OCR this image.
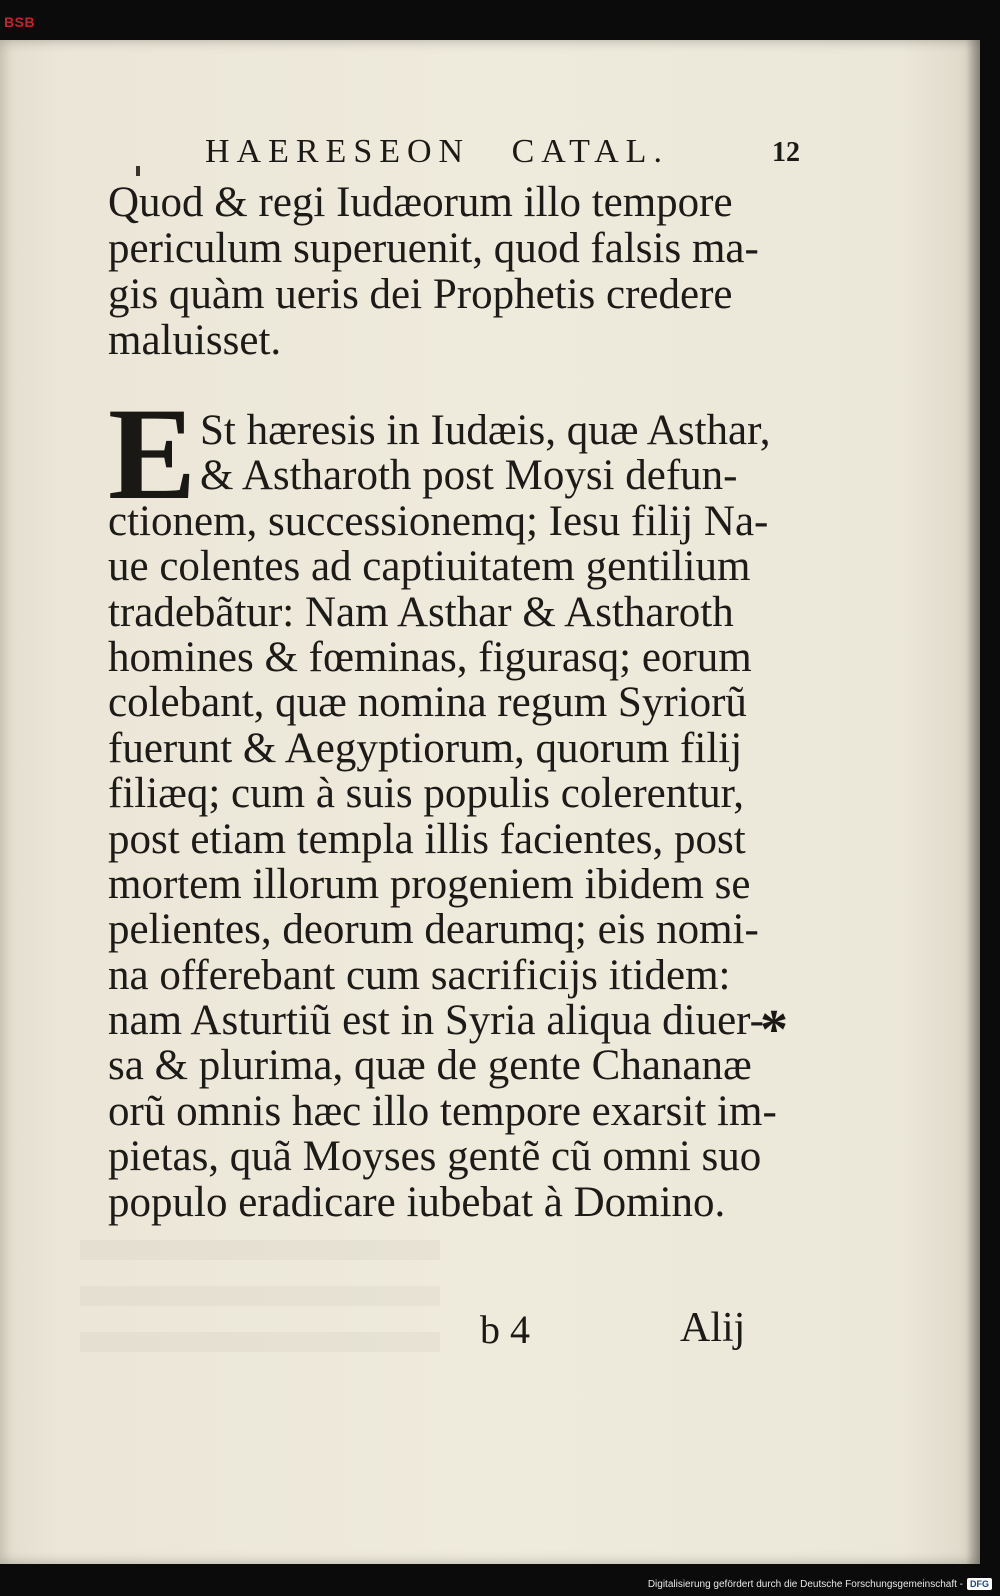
BSB
HAERESEON CATAL.	12
Quod & regi Iudæorum illo tempore
periculum superuenit, quod falsis ma-
gis quàm ueris dei Prophetis credere
maluisset.
E St hæresis in Iudæis, quæ Asthar,
& Astharoth post Moysi defun-
ctionem, successionemq; Iesu filij Na-
ue colentes ad captiuitatem gentilium
tradebãtur: Nam Asthar & Astharoth
homines & fœminas, figurasq; eorum
colebant, quæ nomina regum Syriorũ
fuerunt & Aegyptiorum, quorum filij
filiæq; cum à suis populis colerentur,
post etiam templa illis facientes, post
mortem illorum progeniem ibidem se
pelientes, deorum dearumq; eis nomi-
na offerebant cum sacrificijs itidem:
nam Asturtiũ est in Syria aliqua diuer-
sa & plurima, quæ de gente Chananæ
orũ omnis hæc illo tempore exarsit im-
pietas, quã Moyses gentẽ cũ omni suo
populo eradicare iubebat à Domino.
*
b 4	Alij
Digitalisierung gefördert durch die Deutsche Forschungsgemeinschaft - DFG
